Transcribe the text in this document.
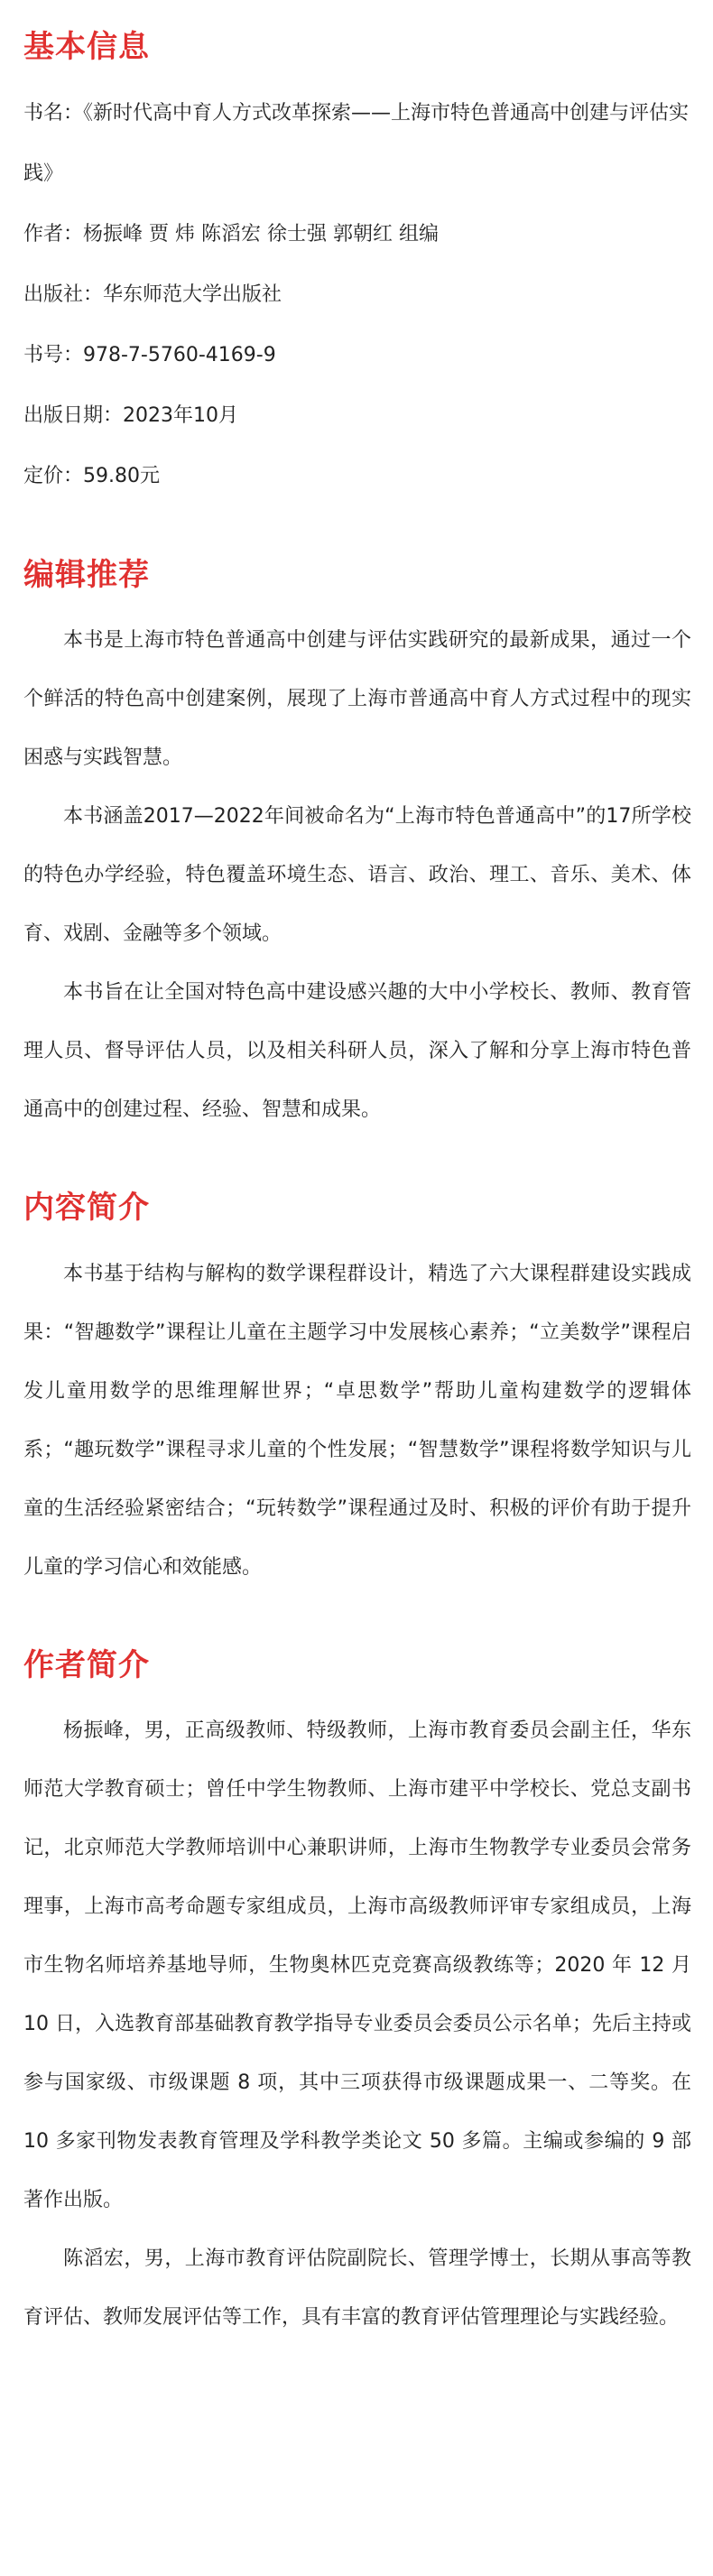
基本信息

书名：《新时代高中育人方式改革探索——上海市特色普通高中创建与评估实践》

作者：杨振峰 贾 炜 陈滔宏 徐士强 郭朝红 组编

出版社：华东师范大学出版社

书号：978-7-5760-4169-9

出版日期：2023年10月

定价：59.80元

编辑推荐

本书是上海市特色普通高中创建与评估实践研究的最新成果，通过一个个鲜活的特色高中创建案例，展现了上海市普通高中育人方式过程中的现实困惑与实践智慧。

本书涵盖2017—2022年间被命名为“上海市特色普通高中”的17所学校的特色办学经验，特色覆盖环境生态、语言、政治、理工、音乐、美术、体育、戏剧、金融等多个领域。

本书旨在让全国对特色高中建设感兴趣的大中小学校长、教师、教育管理人员、督导评估人员，以及相关科研人员，深入了解和分享上海市特色普通高中的创建过程、经验、智慧和成果。

内容简介

本书基于结构与解构的数学课程群设计，精选了六大课程群建设实践成果：“智趣数学”课程让儿童在主题学习中发展核心素养；“立美数学”课程启发儿童用数学的思维理解世界；“卓思数学”帮助儿童构建数学的逻辑体系；“趣玩数学”课程寻求儿童的个性发展；“智慧数学”课程将数学知识与儿童的生活经验紧密结合；“玩转数学”课程通过及时、积极的评价有助于提升儿童的学习信心和效能感。

作者简介

杨振峰，男，正高级教师、特级教师，上海市教育委员会副主任，华东师范大学教育硕士；曾任中学生物教师、上海市建平中学校长、党总支副书记，北京师范大学教师培训中心兼职讲师，上海市生物教学专业委员会常务理事，上海市高考命题专家组成员，上海市高级教师评审专家组成员，上海市生物名师培养基地导师，生物奥林匹克竞赛高级教练等；2020 年 12 月 10 日，入选教育部基础教育教学指导专业委员会委员公示名单；先后主持或参与国家级、市级课题 8 项，其中三项获得市级课题成果一、二等奖。在 10 多家刊物发表教育管理及学科教学类论文 50 多篇。主编或参编的 9 部著作出版。

陈滔宏，男，上海市教育评估院副院长、管理学博士，长期从事高等教育评估、教师发展评估等工作，具有丰富的教育评估管理理论与实践经验。
